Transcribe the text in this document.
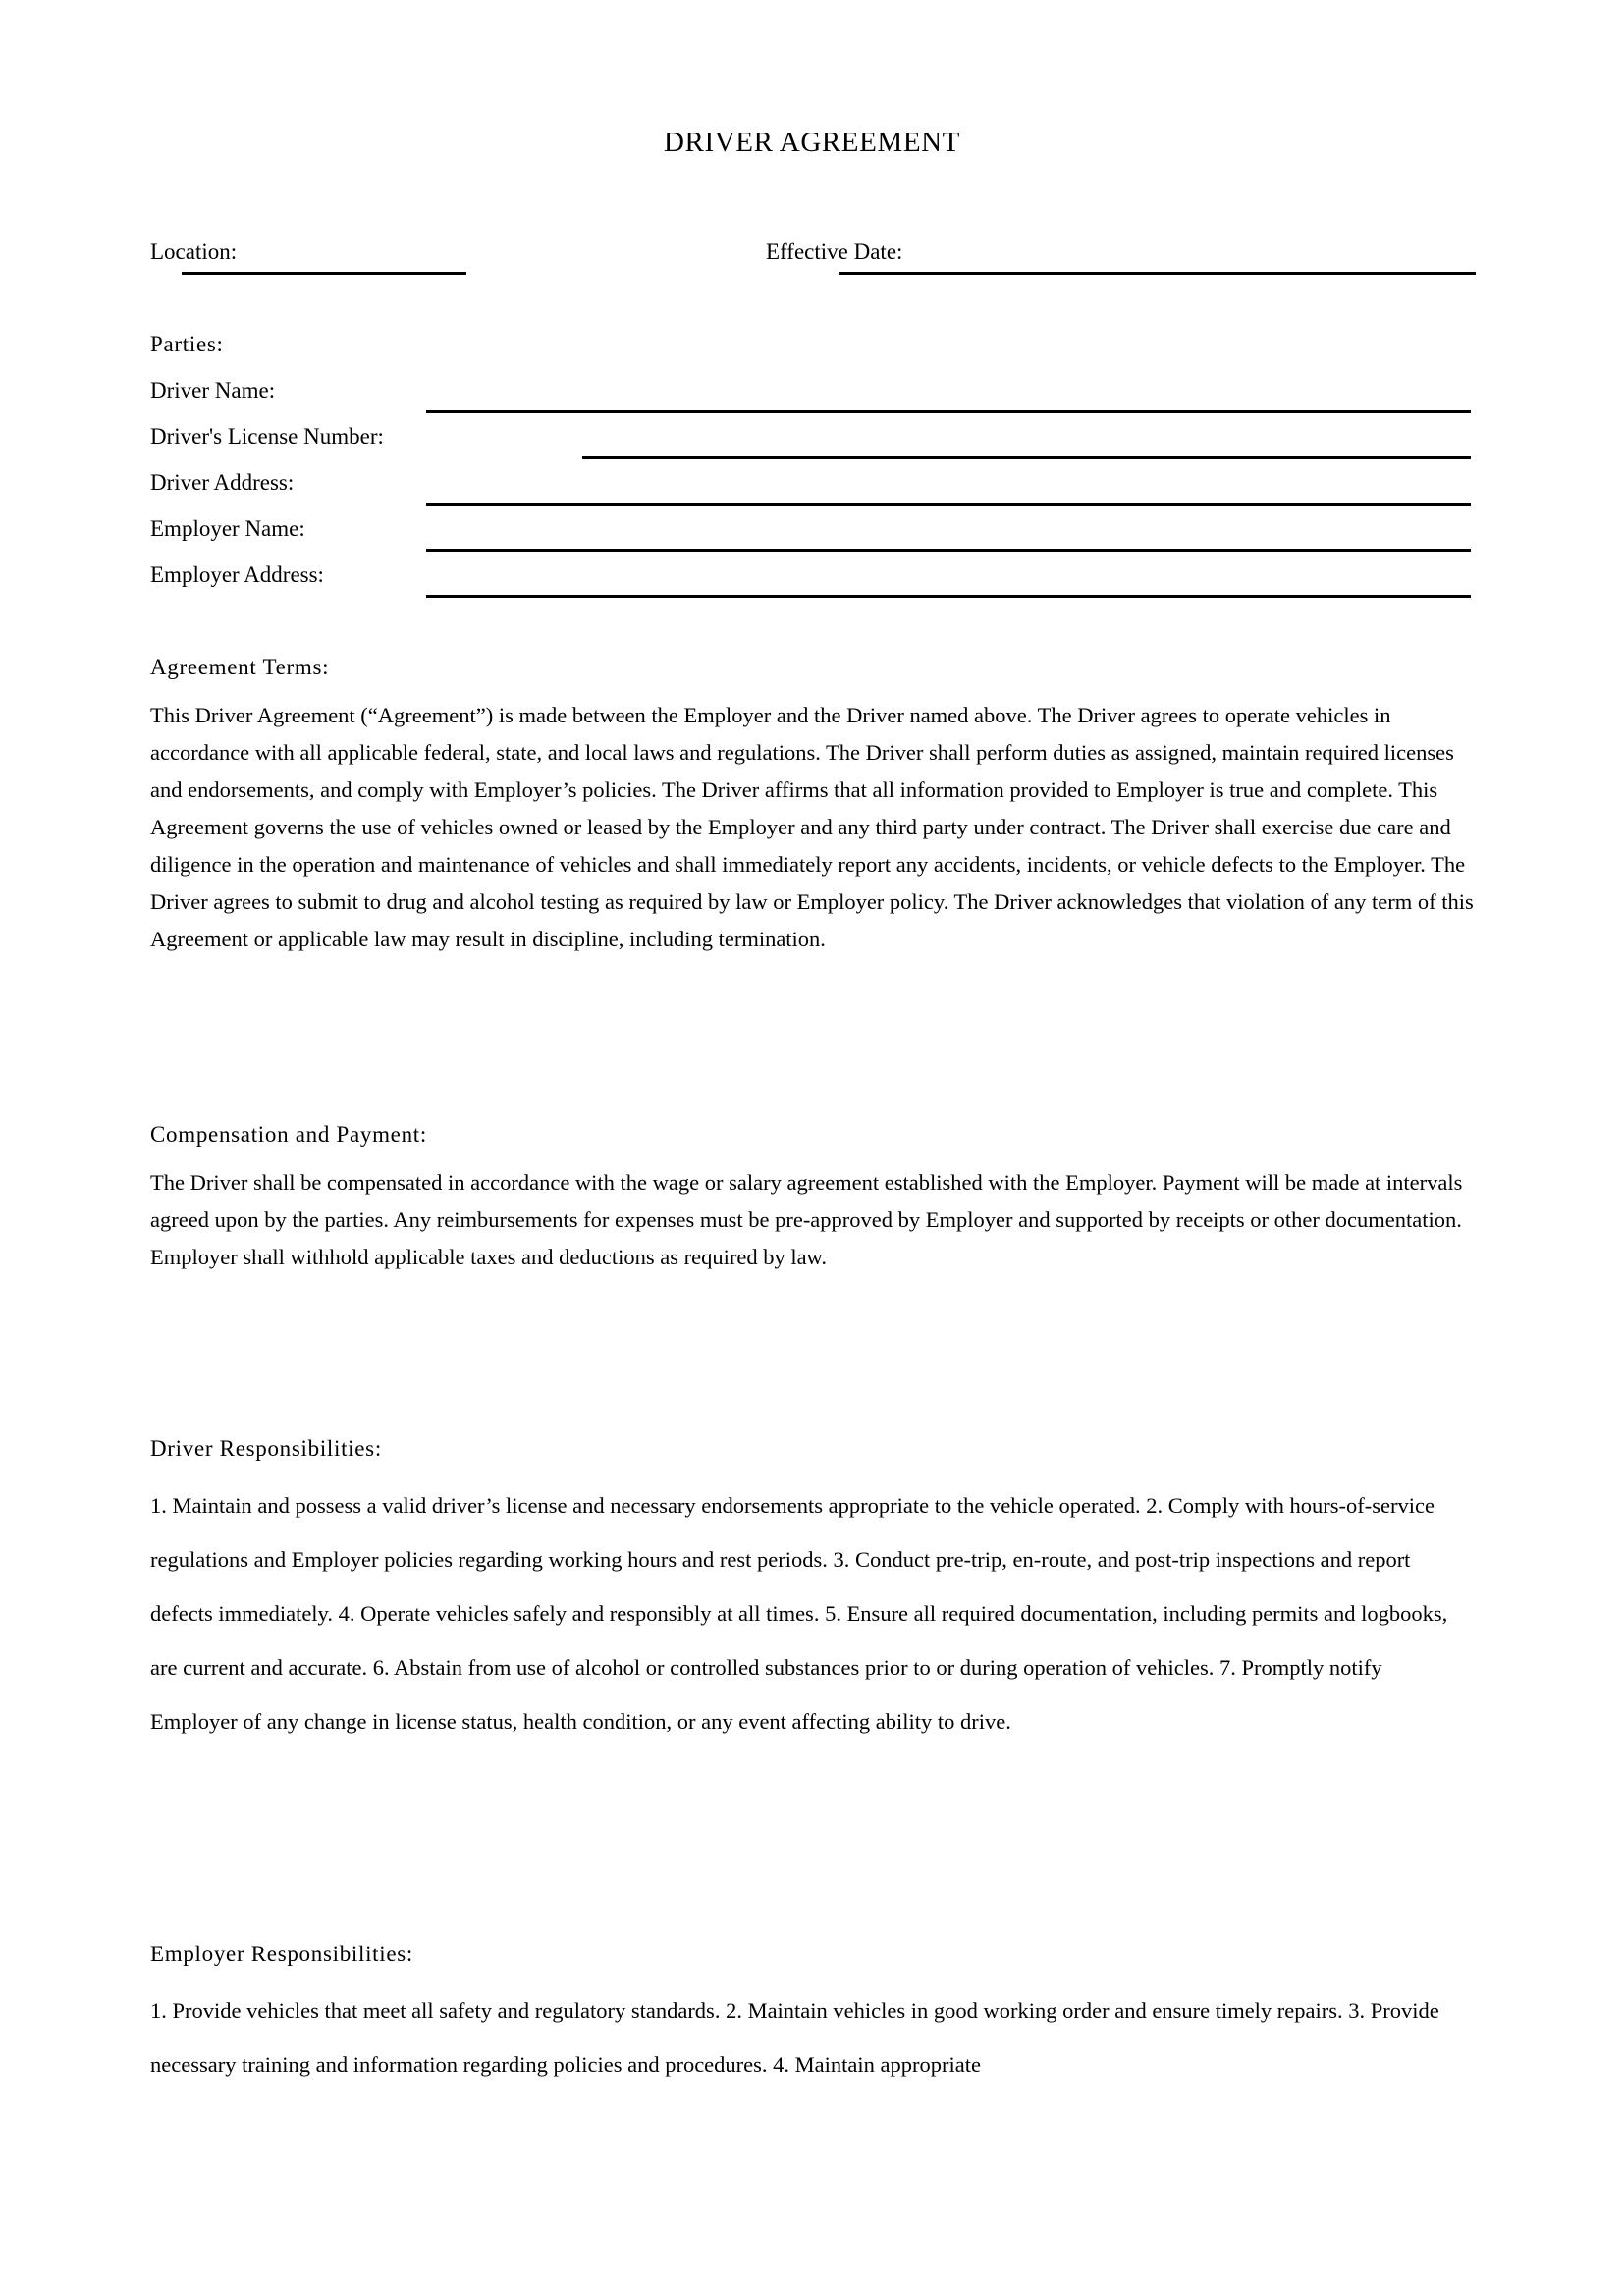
DRIVER AGREEMENT
Location:	Effective Date:
Parties:
Driver Name:
Driver's License Number:
Driver Address:
Employer Name:
Employer Address:
Agreement Terms:

This Driver Agreement (“Agreement”) is made between the Employer and the Driver named above. The Driver agrees to operate vehicles in accordance with all applicable federal, state, and local laws and regulations. The Driver shall perform duties as assigned, maintain required licenses and endorsements, and comply with Employer’s policies. The Driver affirms that all information provided to Employer is true and complete. This Agreement governs the use of vehicles owned or leased by the Employer and any third party under contract. The Driver shall exercise due care and diligence in the operation and maintenance of vehicles and shall immediately report any accidents, incidents, or vehicle defects to the Employer. The Driver agrees to submit to drug and alcohol testing as required by law or Employer policy. The Driver acknowledges that violation of any term of this Agreement or applicable law may result in discipline, including termination.

Compensation and Payment:

The Driver shall be compensated in accordance with the wage or salary agreement established with the Employer. Payment will be made at intervals agreed upon by the parties. Any reimbursements for expenses must be pre-approved by Employer and supported by receipts or other documentation. Employer shall withhold applicable taxes and deductions as required by law.

Driver Responsibilities:

1. Maintain and possess a valid driver’s license and necessary endorsements appropriate to the vehicle operated. 2. Comply with hours-of-service regulations and Employer policies regarding working hours and rest periods. 3. Conduct pre-trip, en-route, and post-trip inspections and report defects immediately. 4. Operate vehicles safely and responsibly at all times. 5. Ensure all required documentation, including permits and logbooks, are current and accurate. 6. Abstain from use of alcohol or controlled substances prior to or during operation of vehicles. 7. Promptly notify Employer of any change in license status, health condition, or any event affecting ability to drive.

Employer Responsibilities:

1. Provide vehicles that meet all safety and regulatory standards. 2. Maintain vehicles in good working order and ensure timely repairs. 3. Provide necessary training and information regarding policies and procedures. 4. Maintain appropriate
